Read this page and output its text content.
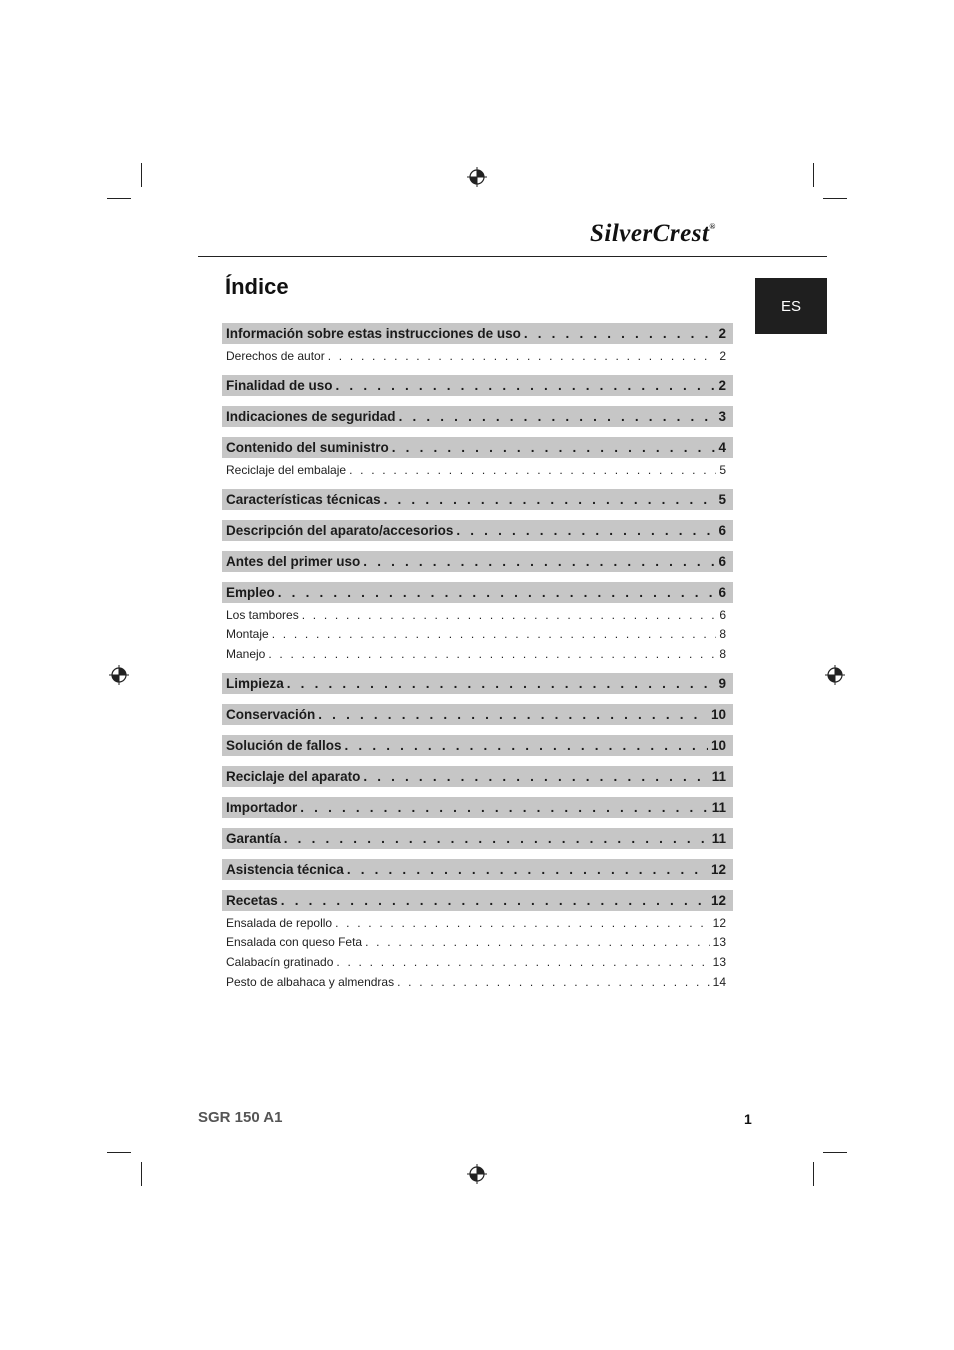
SilverCrest®
Índice
ES
Información sobre estas instrucciones de uso . . .	2
Derechos de autor . . .	2
Finalidad de uso . . .	2
Indicaciones de seguridad . . .	3
Contenido del suministro . . .	4
Reciclaje del embalaje . . .	5
Características técnicas . . .	5
Descripción del aparato/accesorios . . .	6
Antes del primer uso . . .	6
Empleo . . .	6
Los tambores . . .	6
Montaje . . .	8
Manejo . . .	8
Limpieza . . .	9
Conservación . . .	10
Solución de fallos . . .	10
Reciclaje del aparato . . .	11
Importador . . .	11
Garantía . . .	11
Asistencia técnica . . .	12
Recetas . . .	12
Ensalada de repollo . . .	12
Ensalada con queso Feta . . .	13
Calabacín gratinado . . .	13
Pesto de albahaca y almendras . . .	14
SGR 150 A1	1
